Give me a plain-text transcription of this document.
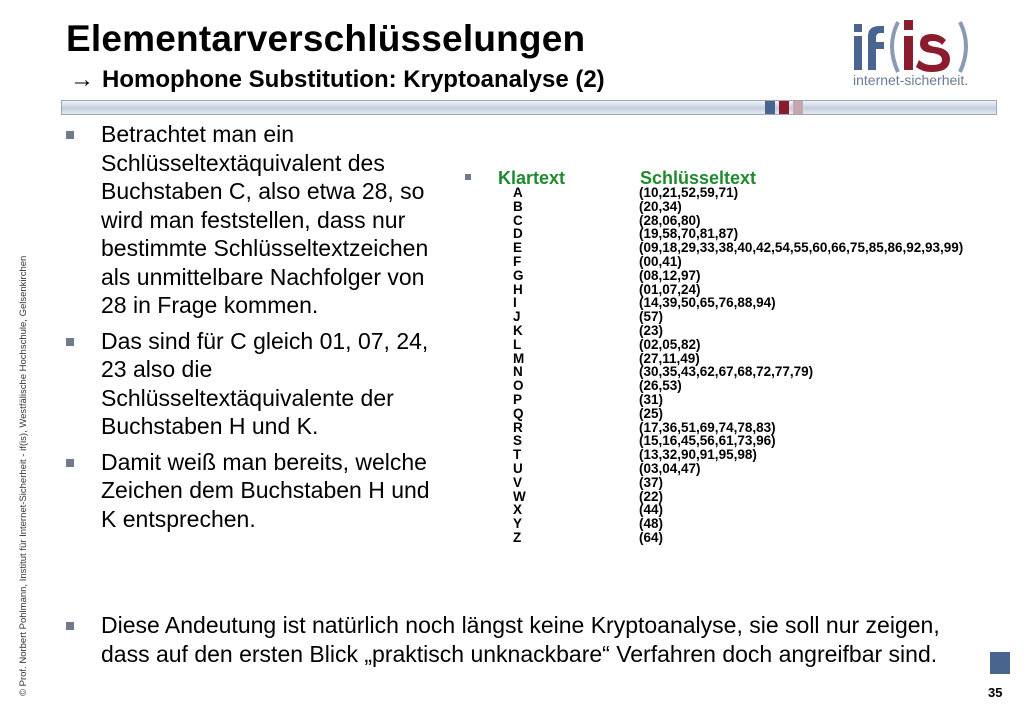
Elementarverschlüsselungen
→ Homophone Substitution: Kryptoanalyse (2)	internet-sicherheit.
© Prof. Norbert Pohlmann, Institut für Internet-Sicherheit - if(is), Westfälische Hochschule, Gelsenkirchen
Betrachtet man ein Schlüsseltextäquivalent des Buchstaben C, also etwa 28, so wird man feststellen, dass nur bestimmte Schlüsseltextzeichen als unmittelbare Nachfolger von 28 in Frage kommen.
Das sind für C gleich 01, 07, 24, 23 also die Schlüsseltextäquivalente der Buchstaben H und K.
Damit weiß man bereits, welche Zeichen dem Buchstaben H und K entsprechen.
Klartext	Schlüsseltext
A	(10,21,52,59,71)
B	(20,34)
C	(28,06,80)
D	(19,58,70,81,87)
E	(09,18,29,33,38,40,42,54,55,60,66,75,85,86,92,93,99)
F	(00,41)
G	(08,12,97)
H	(01,07,24)
I	(14,39,50,65,76,88,94)
J	(57)
K	(23)
L	(02,05,82)
M	(27,11,49)
N	(30,35,43,62,67,68,72,77,79)
O	(26,53)
P	(31)
Q	(25)
R	(17,36,51,69,74,78,83)
S	(15,16,45,56,61,73,96)
T	(13,32,90,91,95,98)
U	(03,04,47)
V	(37)
W	(22)
X	(44)
Y	(48)
Z	(64)

Diese Andeutung ist natürlich noch längst keine Kryptoanalyse, sie soll nur zeigen, dass auf den ersten Blick „praktisch unknackbare“ Verfahren doch angreifbar sind.

35
